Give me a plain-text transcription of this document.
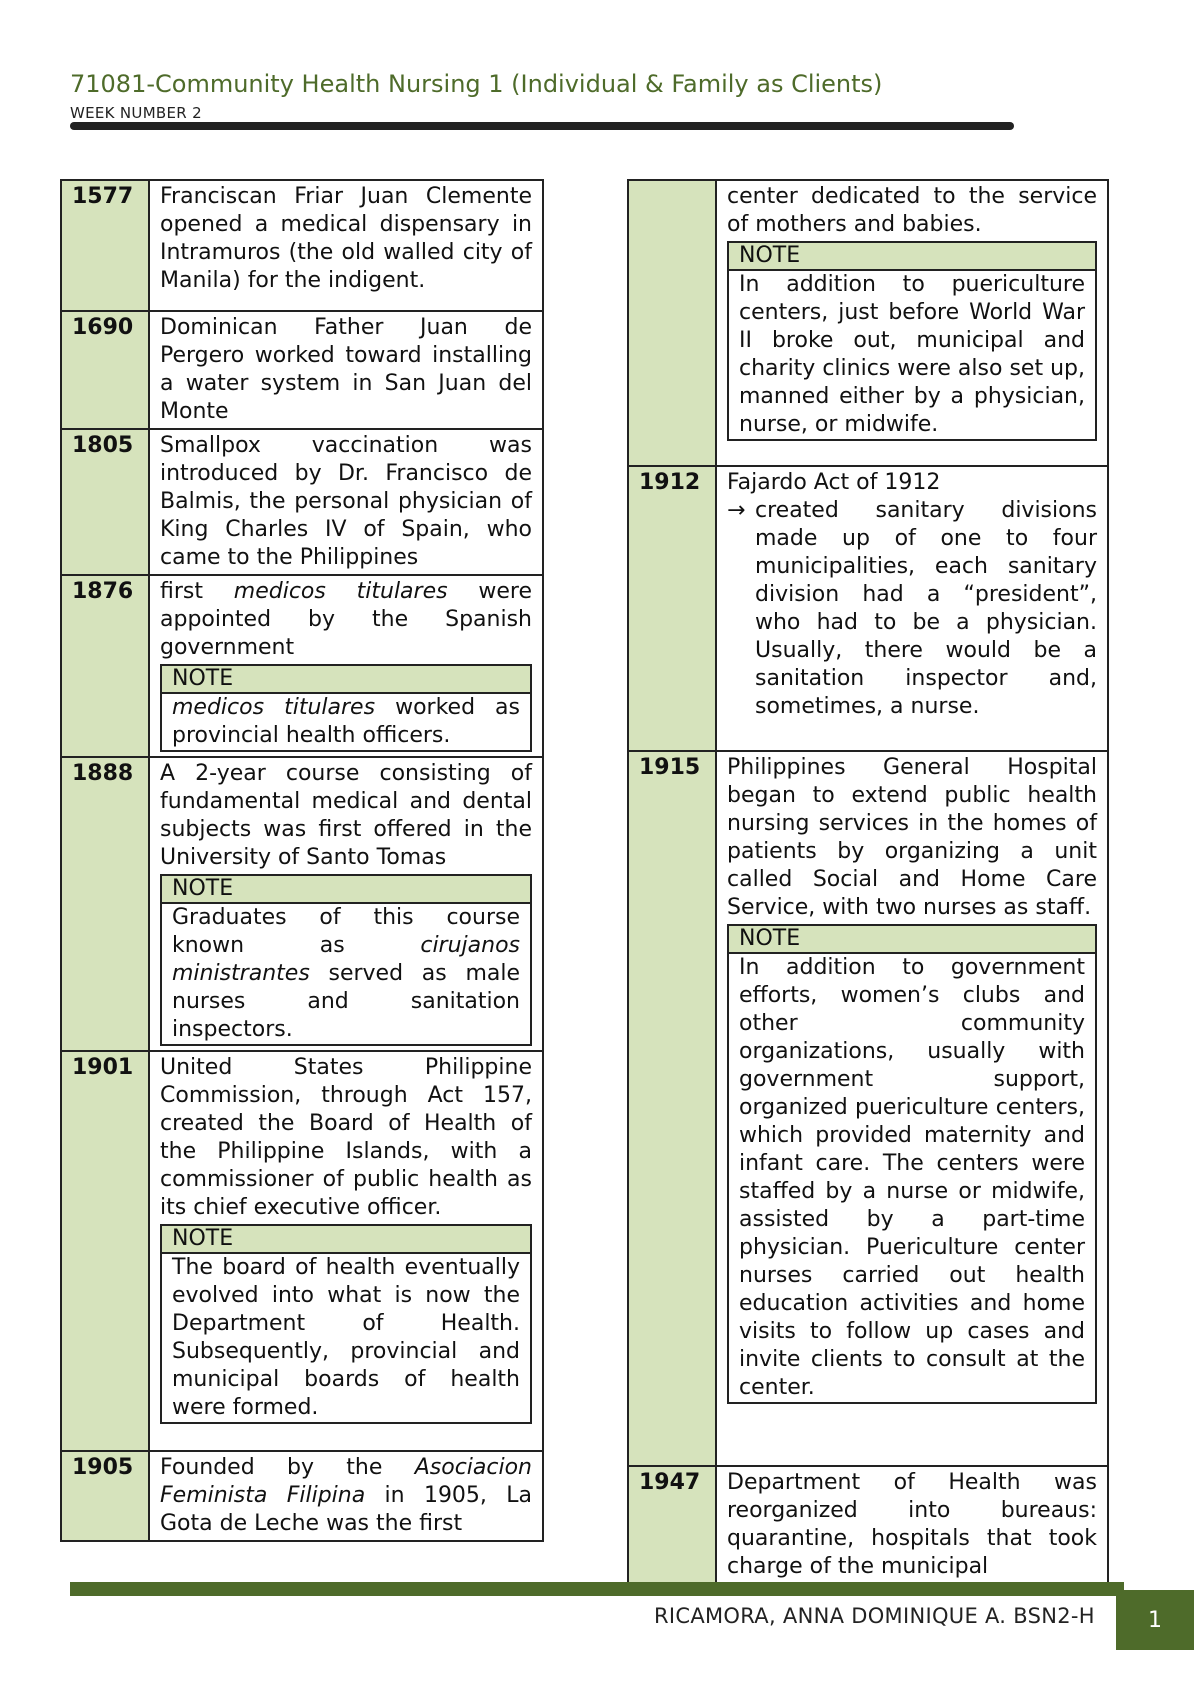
71081-Community Health Nursing 1 (Individual & Family as Clients)
WEEK NUMBER 2
1577	Franciscan Friar Juan Clemente opened a medical dispensary in Intramuros (the old walled city of Manila) for the indigent.
1690	Dominican Father Juan de Pergero worked toward installing a water system in San Juan del Monte
1805	Smallpox vaccination was introduced by Dr. Francisco de Balmis, the personal physician of King Charles IV of Spain, who came to the Philippines
1876	first medicos titulares were appointed by the Spanish government
NOTE
medicos titulares worked as provincial health officers.

1888	A 2-year course consisting of fundamental medical and dental subjects was first offered in the University of Santo Tomas
NOTE
Graduates of this course known as cirujanos ministrantes served as male nurses and sanitation inspectors.

1901	United States Philippine Commission, through Act 157, created the Board of Health of the Philippine Islands, with a commissioner of public health as its chief executive officer.
NOTE
The board of health eventually evolved into what is now the Department of Health. Subsequently, provincial and municipal boards of health were formed.

1905	Founded by the Asociacion Feminista Filipina in 1905, La Gota de Leche was the first
	center dedicated to the service of mothers and babies.
NOTE
In addition to puericulture centers, just before World War II broke out, municipal and charity clinics were also set up, manned either by a physician, nurse, or midwife.

1912	Fajardo Act of 1912
→ created sanitary divisions made up of one to four municipalities, each sanitary division had a “president”, who had to be a physician. Usually, there would be a sanitation inspector and, sometimes, a nurse.

1915	Philippines General Hospital began to extend public health nursing services in the homes of patients by organizing a unit called Social and Home Care Service, with two nurses as staff.
NOTE
In addition to government efforts, women’s clubs and other community organizations, usually with government support, organized puericulture centers, which provided maternity and infant care. The centers were staffed by a nurse or midwife, assisted by a part-time physician. Puericulture center nurses carried out health education activities and home visits to follow up cases and invite clients to consult at the center.

1947	Department of Health was reorganized into bureaus: quarantine, hospitals that took charge of the municipal
RICAMORA, ANNA DOMINIQUE A. BSN2-H	1
